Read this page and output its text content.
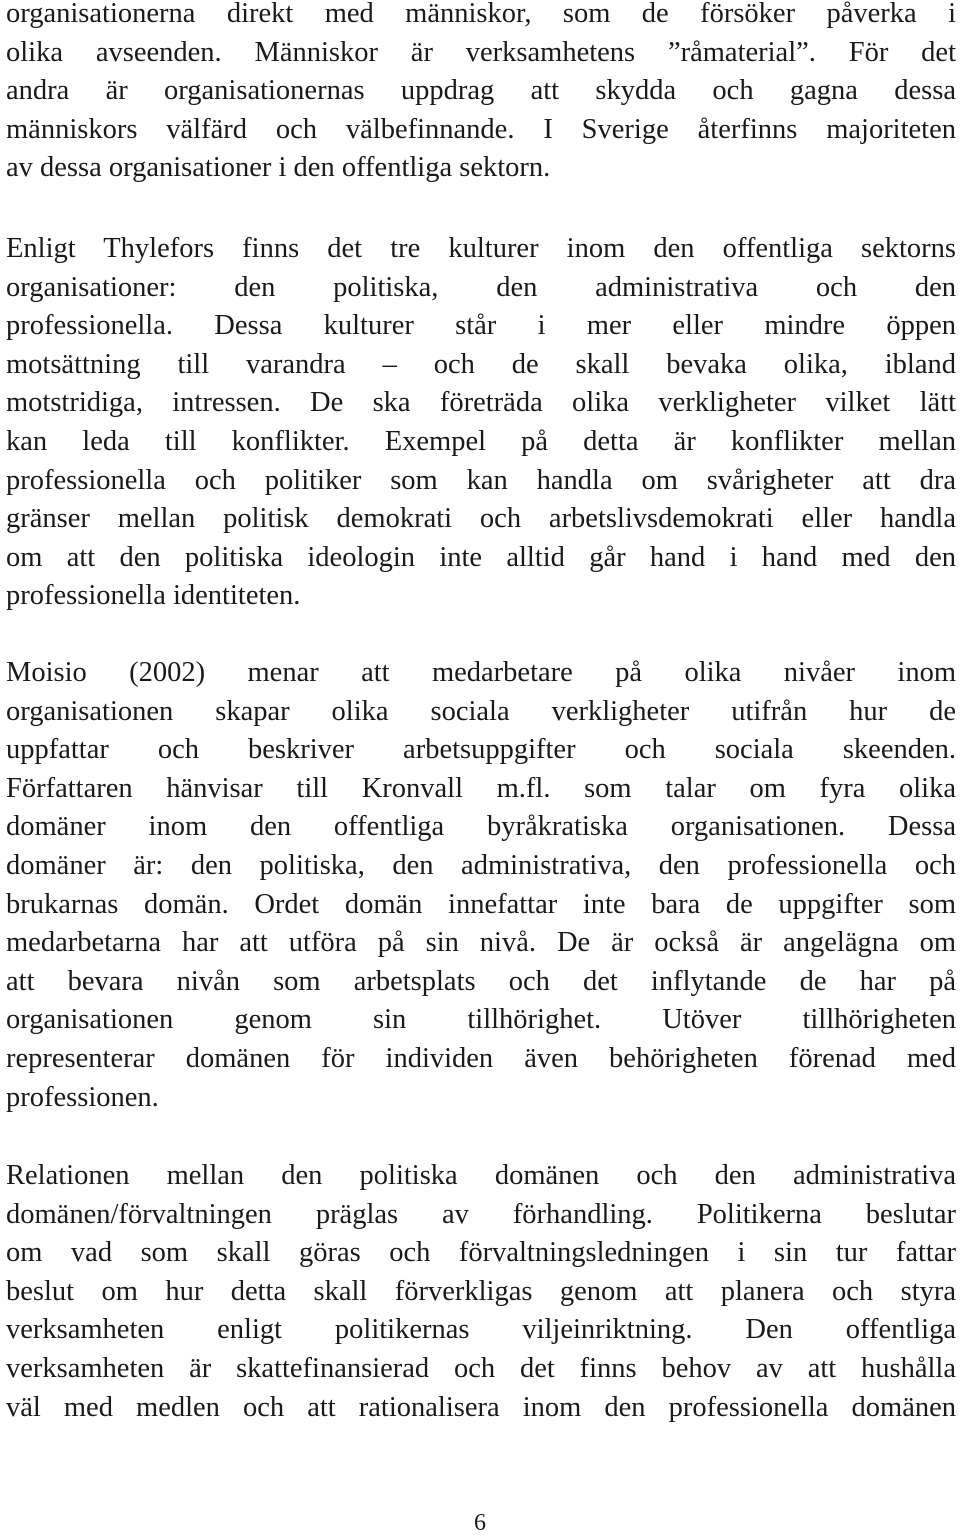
organisationerna direkt med människor, som de försöker påverka i
olika avseenden. Människor är verksamhetens ”råmaterial”. För det
andra är organisationernas uppdrag att skydda och gagna dessa
människors välfärd och välbefinnande. I Sverige återfinns majoriteten
av dessa organisationer i den offentliga sektorn.
Enligt Thylefors finns det tre kulturer inom den offentliga sektorns
organisationer: den politiska, den administrativa och den
professionella. Dessa kulturer står i mer eller mindre öppen
motsättning till varandra – och de skall bevaka olika, ibland
motstridiga, intressen. De ska företräda olika verkligheter vilket lätt
kan leda till konflikter. Exempel på detta är konflikter mellan
professionella och politiker som kan handla om svårigheter att dra
gränser mellan politisk demokrati och arbetslivsdemokrati eller handla
om att den politiska ideologin inte alltid går hand i hand med den
professionella identiteten.
Moisio (2002) menar att medarbetare på olika nivåer inom
organisationen skapar olika sociala verkligheter utifrån hur de
uppfattar och beskriver arbetsuppgifter och sociala skeenden.
Författaren hänvisar till Kronvall m.fl. som talar om fyra olika
domäner inom den offentliga byråkratiska organisationen. Dessa
domäner är: den politiska, den administrativa, den professionella och
brukarnas domän. Ordet domän innefattar inte bara de uppgifter som
medarbetarna har att utföra på sin nivå. De är också är angelägna om
att bevara nivån som arbetsplats och det inflytande de har på
organisationen genom sin tillhörighet. Utöver tillhörigheten
representerar domänen för individen även behörigheten förenad med
professionen.
Relationen mellan den politiska domänen och den administrativa
domänen/förvaltningen präglas av förhandling. Politikerna beslutar
om vad som skall göras och förvaltningsledningen i sin tur fattar
beslut om hur detta skall förverkligas genom att planera och styra
verksamheten enligt politikernas viljeinriktning. Den offentliga
verksamheten är skattefinansierad och det finns behov av att hushålla
väl med medlen och att rationalisera inom den professionella domänen
6
